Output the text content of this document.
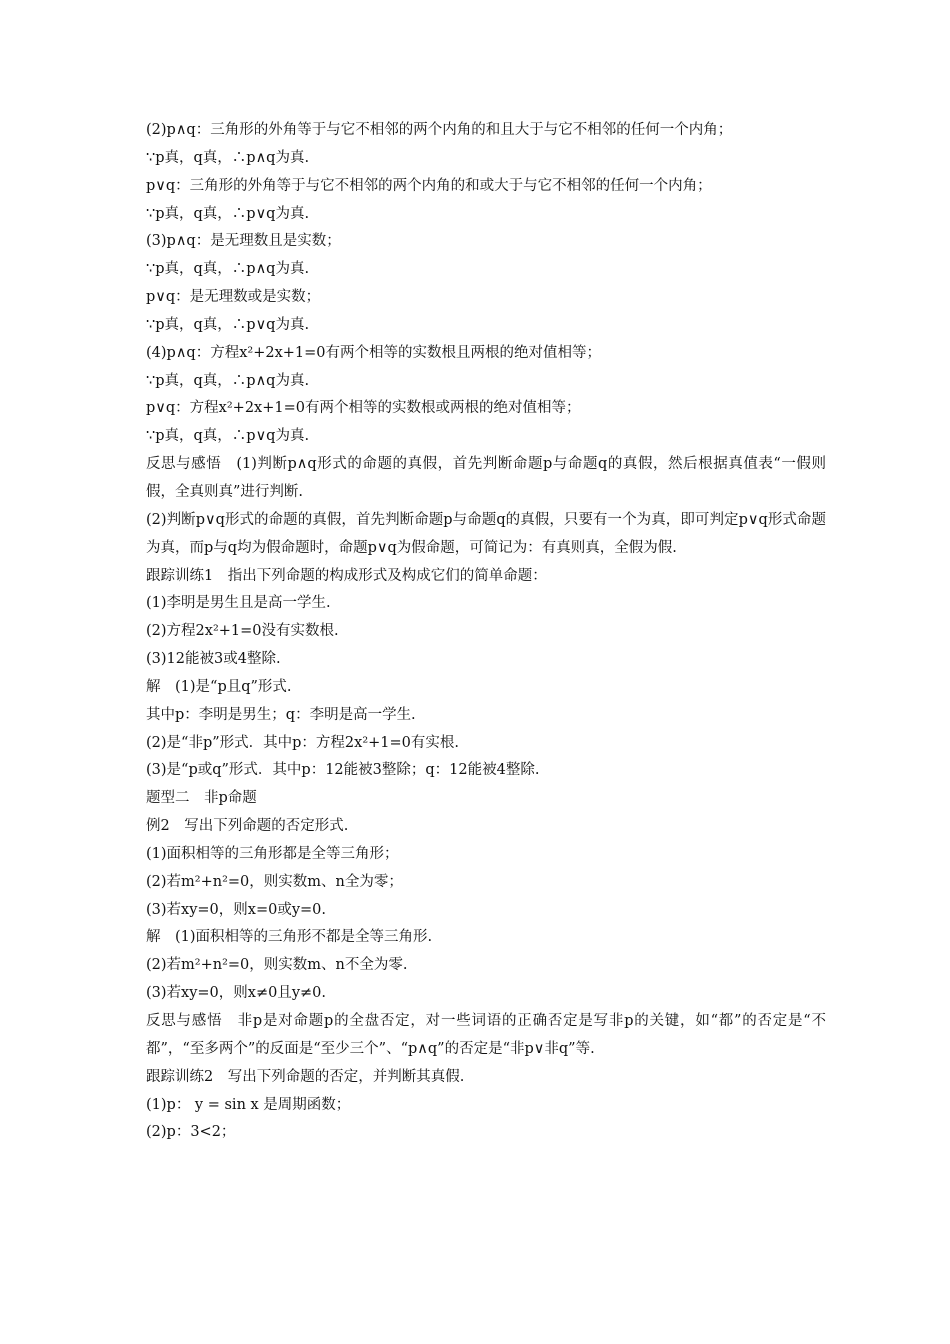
(2)p∧q：三角形的外角等于与它不相邻的两个内角的和且大于与它不相邻的任何一个内角；
∵p真，q真，∴p∧q为真.
p∨q：三角形的外角等于与它不相邻的两个内角的和或大于与它不相邻的任何一个内角；
∵p真，q真，∴p∨q为真.
(3)p∧q：是无理数且是实数；
∵p真，q真，∴p∧q为真.
p∨q：是无理数或是实数；
∵p真，q真，∴p∨q为真.
(4)p∧q：方程x²+2x+1=0有两个相等的实数根且两根的绝对值相等；
∵p真，q真，∴p∧q为真.
p∨q：方程x²+2x+1=0有两个相等的实数根或两根的绝对值相等；
∵p真，q真，∴p∨q为真.
反思与感悟　(1)判断p∧q形式的命题的真假，首先判断命题p与命题q的真假，然后根据真值表“一假则假，全真则真”进行判断.
(2)判断p∨q形式的命题的真假，首先判断命题p与命题q的真假，只要有一个为真，即可判定p∨q形式命题为真，而p与q均为假命题时，命题p∨q为假命题，可简记为：有真则真，全假为假.
跟踪训练1　指出下列命题的构成形式及构成它们的简单命题：
(1)李明是男生且是高一学生.
(2)方程2x²+1=0没有实数根.
(3)12能被3或4整除.
解　(1)是“p且q”形式.
其中p：李明是男生；q：李明是高一学生.
(2)是“非p”形式．其中p：方程2x²+1=0有实根.
(3)是“p或q”形式．其中p：12能被3整除；q：12能被4整除.
题型二　非p命题
例2　写出下列命题的否定形式.
(1)面积相等的三角形都是全等三角形；
(2)若m²+n²=0，则实数m、n全为零；
(3)若xy=0，则x=0或y=0.
解　(1)面积相等的三角形不都是全等三角形.
(2)若m²+n²=0，则实数m、n不全为零.
(3)若xy=0，则x≠0且y≠0.
反思与感悟　非p是对命题p的全盘否定，对一些词语的正确否定是写非p的关键，如“都”的否定是“不都”，“至多两个”的反面是“至少三个”、“p∧q”的否定是“非p∨非q”等.
跟踪训练2　写出下列命题的否定，并判断其真假.
(1)p： y = sin x 是周期函数；
(2)p：3<2；
